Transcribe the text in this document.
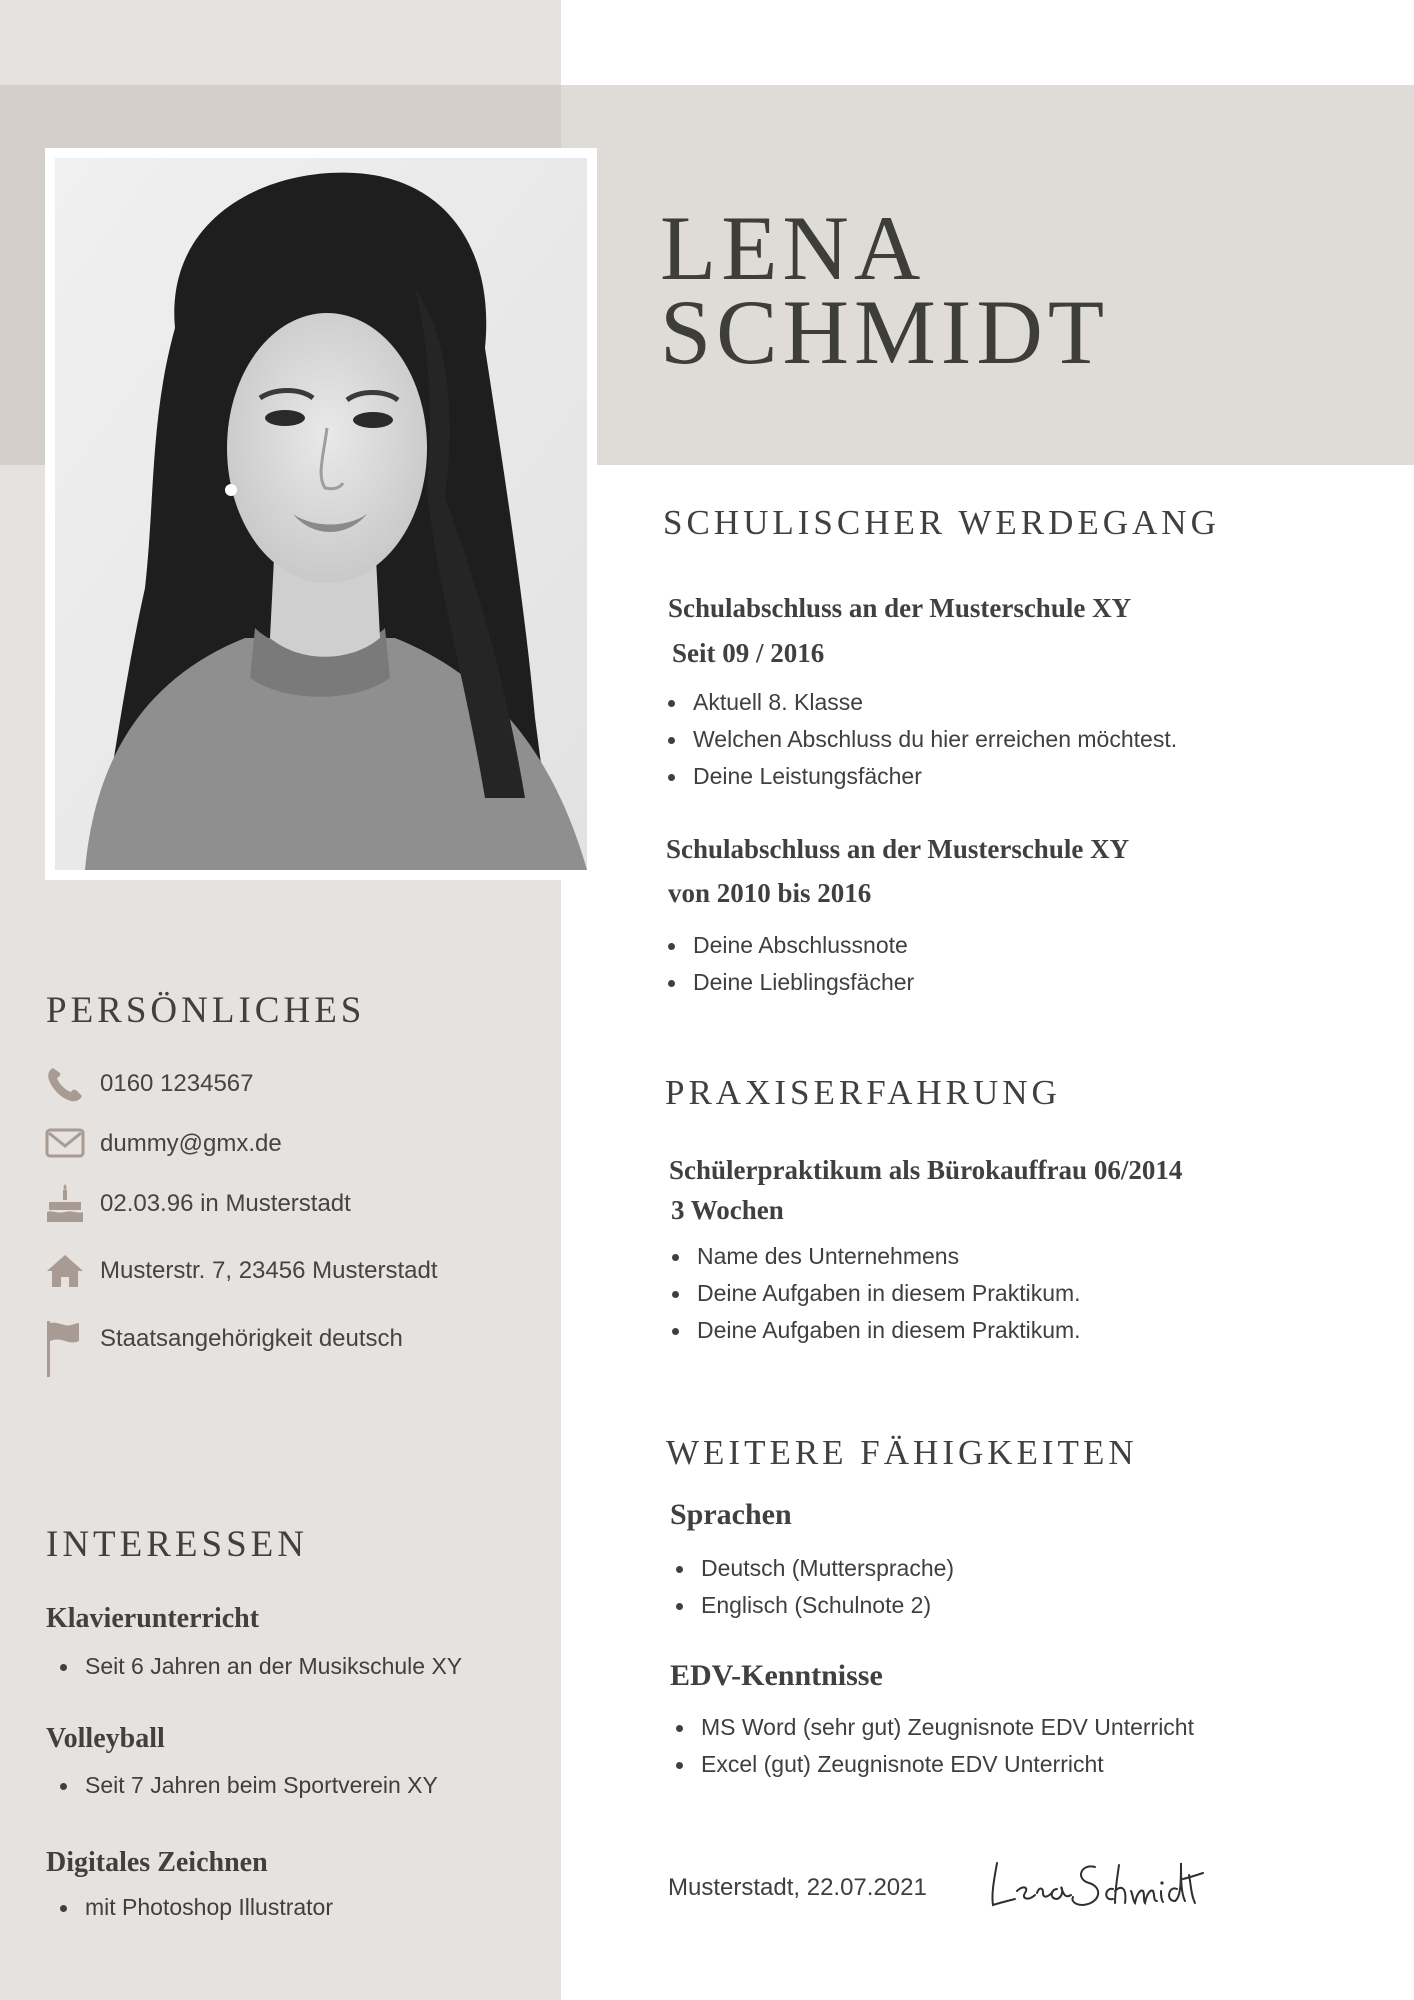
LENA
SCHMIDT
SCHULISCHER WERDEGANG
Schulabschluss an der Musterschule XY
Seit 09 / 2016
Aktuell 8. Klasse
Welchen Abschluss du hier erreichen möchtest.
Deine Leistungsfächer
Schulabschluss an der Musterschule XY
von 2010 bis 2016
Deine Abschlussnote
Deine Lieblingsfächer
PRAXISERFAHRUNG
Schülerpraktikum als Bürokauffrau 06/2014
3 Wochen
Name des Unternehmens
Deine Aufgaben in diesem Praktikum.
Deine Aufgaben in diesem Praktikum.
WEITERE FÄHIGKEITEN
Sprachen
Deutsch (Muttersprache)
Englisch (Schulnote 2)
EDV-Kenntnisse
MS Word (sehr gut) Zeugnisnote EDV Unterricht
Excel (gut) Zeugnisnote EDV Unterricht
Musterstadt, 22.07.2021
PERSÖNLICHES
0160 1234567
dummy@gmx.de
02.03.96 in Musterstadt
Musterstr. 7, 23456 Musterstadt
Staatsangehörigkeit deutsch
INTERESSEN
Klavierunterricht
Seit 6 Jahren an der Musikschule XY
Volleyball
Seit 7 Jahren beim Sportverein XY
Digitales Zeichnen
mit Photoshop Illustrator
